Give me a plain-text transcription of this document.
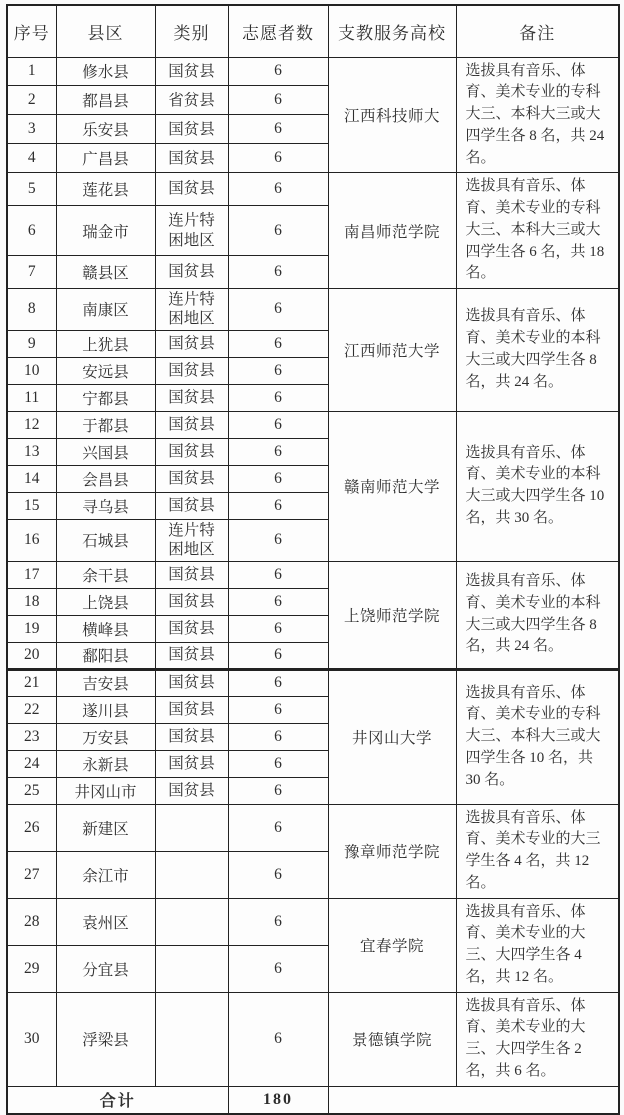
序号	县区	类别	志愿者数	支教服务高校	备注
1	修水县	国贫县	6	江西科技师大	选拔具有音乐、体育、美术专业的专科大三、本科大三或大四学生各 8 名，共 24 名。
2	都昌县	省贫县	6		
3	乐安县	国贫县	6		
4	广昌县	国贫县	6		
5	莲花县	国贫县	6	南昌师范学院	选拔具有音乐、体育、美术专业的专科大三、本科大三或大四学生各 6 名，共 18 名。
6	瑞金市	连片特困地区	6		
7	赣县区	国贫县	6		
8	南康区	连片特困地区	6	江西师范大学	选拔具有音乐、体育、美术专业的本科大三或大四学生各 8 名，共 24 名。
9	上犹县	国贫县	6		
10	安远县	国贫县	6		
11	宁都县	国贫县	6		
12	于都县	国贫县	6	赣南师范大学	选拔具有音乐、体育、美术专业的本科大三或大四学生各 10 名，共 30 名。
13	兴国县	国贫县	6		
14	会昌县	国贫县	6		
15	寻乌县	国贫县	6		
16	石城县	连片特困地区	6		
17	余干县	国贫县	6	上饶师范学院	选拔具有音乐、体育、美术专业的本科大三或大四学生各 8 名，共 24 名。
18	上饶县	国贫县	6		
19	横峰县	国贫县	6		
20	鄱阳县	国贫县	6		
21	吉安县	国贫县	6	井冈山大学	选拔具有音乐、体育、美术专业的专科大三、本科大三或大四学生各 10 名，共 30 名。
22	遂川县	国贫县	6		
23	万安县	国贫县	6		
24	永新县	国贫县	6		
25	井冈山市	国贫县	6		
26	新建区		6	豫章师范学院	选拔具有音乐、体育、美术专业的大三学生各 4 名，共 12 名。
27	余江市		6		
28	袁州区		6	宜春学院	选拔具有音乐、体育、美术专业的大三、大四学生各 4 名，共 12 名。
29	分宜县		6		
30	浮梁县		6	景德镇学院	选拔具有音乐、体育、美术专业的大三、大四学生各 2 名，共 6 名。
合计			180		
